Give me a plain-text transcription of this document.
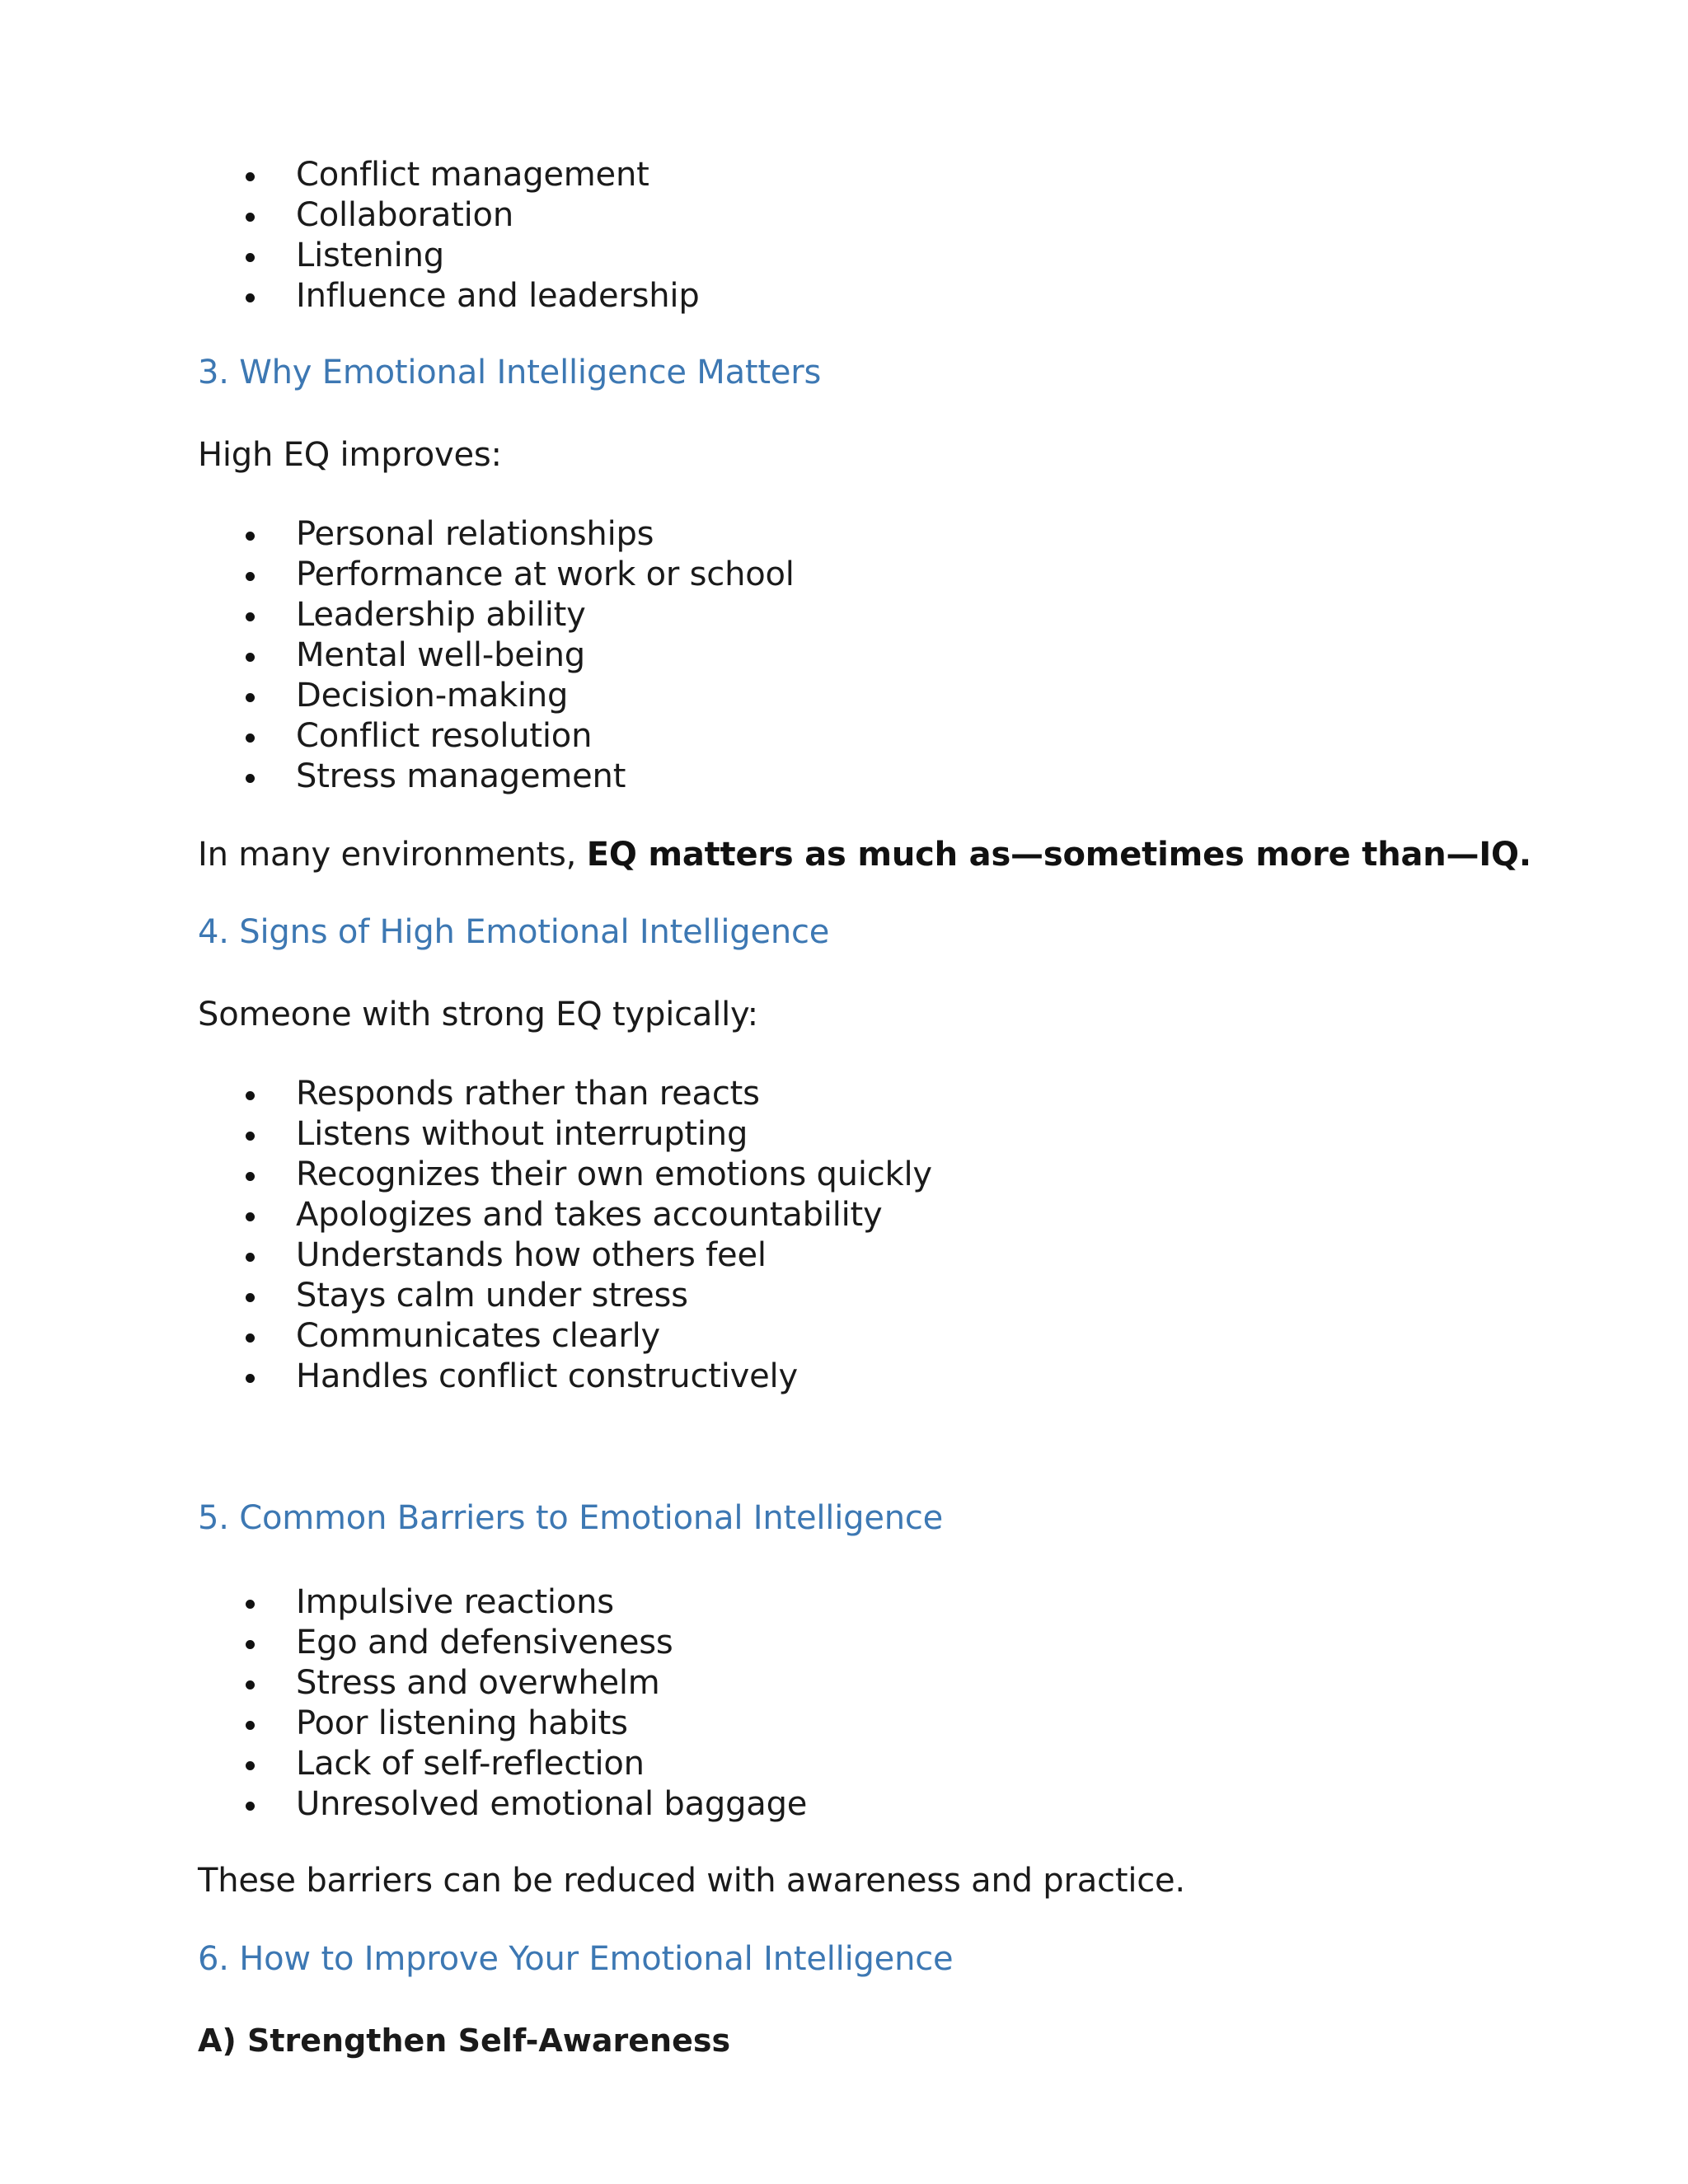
Conflict management
Collaboration
Listening
Influence and leadership
3. Why Emotional Intelligence Matters
High EQ improves:
Personal relationships
Performance at work or school
Leadership ability
Mental well-being
Decision-making
Conflict resolution
Stress management
In many environments, EQ matters as much as—sometimes more than—IQ.
4. Signs of High Emotional Intelligence
Someone with strong EQ typically:
Responds rather than reacts
Listens without interrupting
Recognizes their own emotions quickly
Apologizes and takes accountability
Understands how others feel
Stays calm under stress
Communicates clearly
Handles conflict constructively
5. Common Barriers to Emotional Intelligence
Impulsive reactions
Ego and defensiveness
Stress and overwhelm
Poor listening habits
Lack of self-reflection
Unresolved emotional baggage
These barriers can be reduced with awareness and practice.
6. How to Improve Your Emotional Intelligence
A) Strengthen Self-Awareness
